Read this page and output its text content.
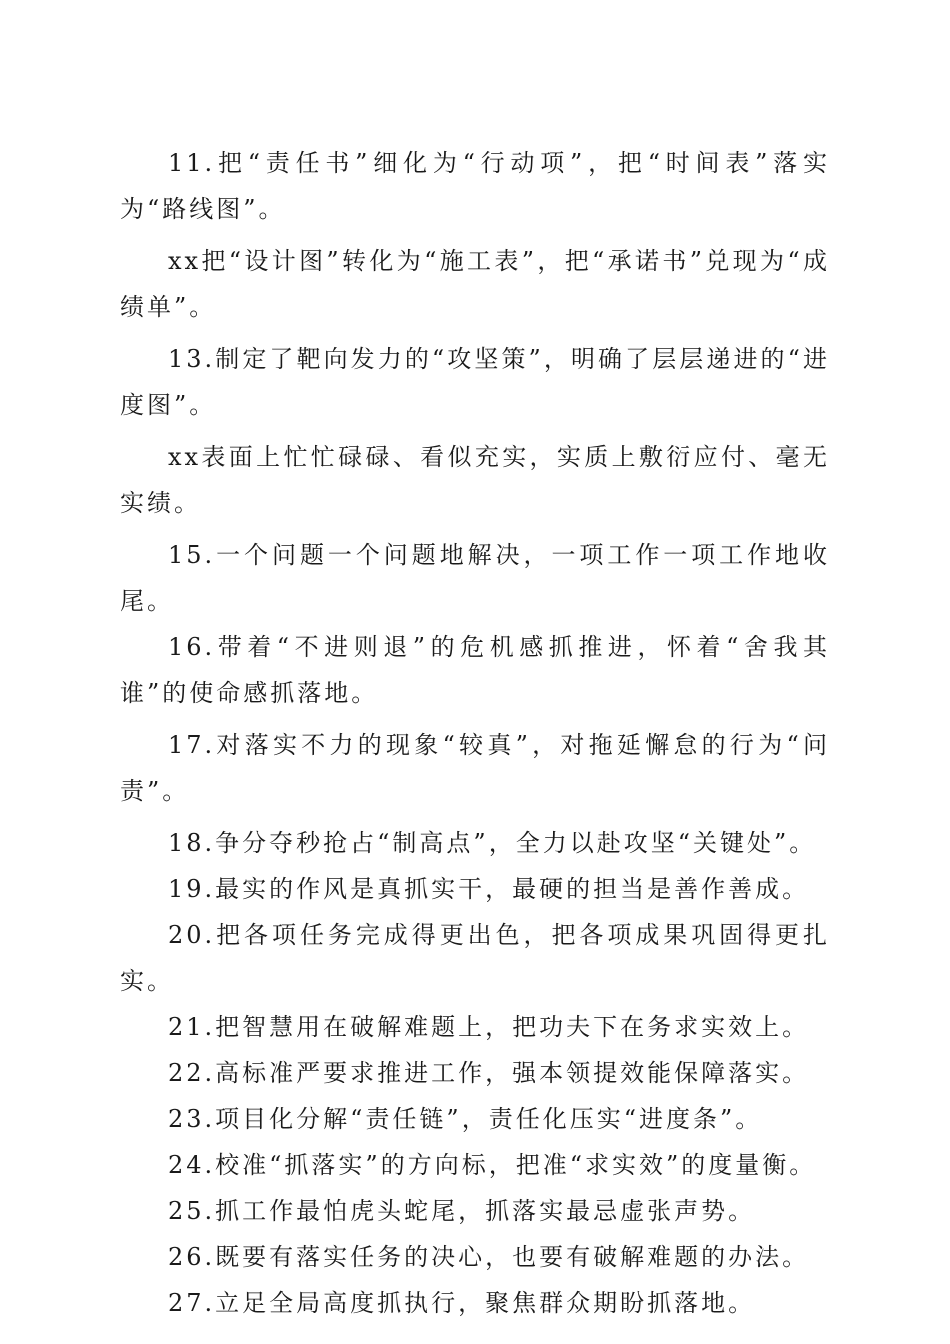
11.把“责任书”细化为“行动项”，把“时间表”落实为“路线图”。

xx把“设计图”转化为“施工表”，把“承诺书”兑现为“成绩单”。

13.制定了靶向发力的“攻坚策”，明确了层层递进的“进度图”。

xx表面上忙忙碌碌、看似充实，实质上敷衍应付、毫无实绩。

15.一个问题一个问题地解决，一项工作一项工作地收尾。

16.带着“不进则退”的危机感抓推进，怀着“舍我其谁”的使命感抓落地。

17.对落实不力的现象“较真”，对拖延懈怠的行为“问责”。

18.争分夺秒抢占“制高点”，全力以赴攻坚“关键处”。

19.最实的作风是真抓实干，最硬的担当是善作善成。

20.把各项任务完成得更出色，把各项成果巩固得更扎实。

21.把智慧用在破解难题上，把功夫下在务求实效上。

22.高标准严要求推进工作，强本领提效能保障落实。

23.项目化分解“责任链”，责任化压实“进度条”。

24.校准“抓落实”的方向标，把准“求实效”的度量衡。

25.抓工作最怕虎头蛇尾，抓落实最忌虚张声势。

26.既要有落实任务的决心，也要有破解难题的办法。

27.立足全局高度抓执行，聚焦群众期盼抓落地。
